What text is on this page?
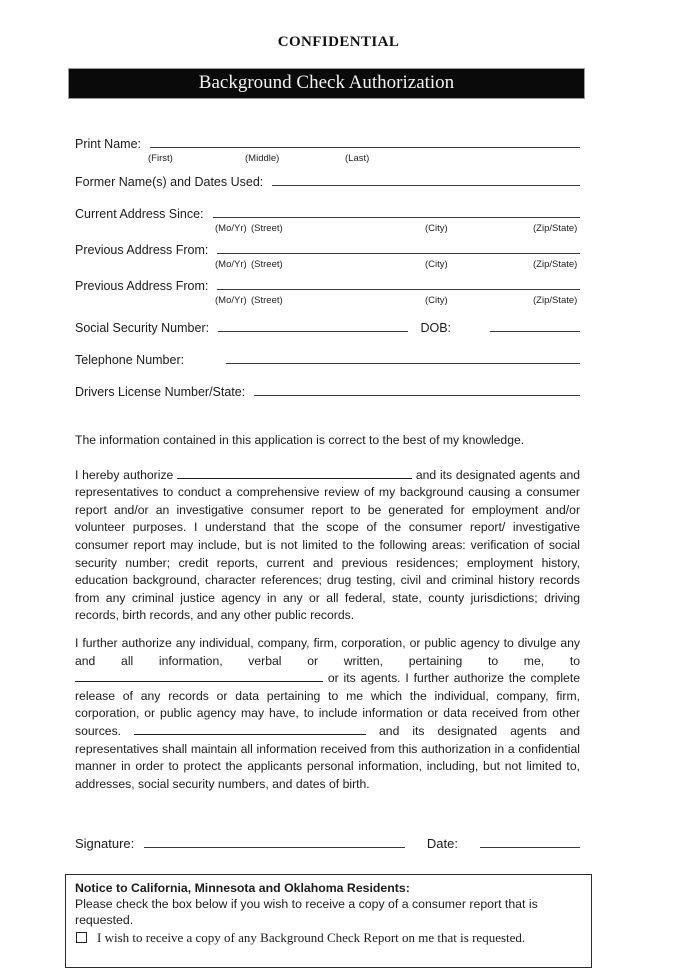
CONFIDENTIAL
Background Check Authorization
Print Name:
(First)	(Middle)	(Last)
Former Name(s) and Dates Used:
Current Address Since:
(Mo/Yr) (Street)	(City)	(Zip/State)
Previous Address From:
(Mo/Yr) (Street)	(City)	(Zip/State)
Previous Address From:
(Mo/Yr) (Street)	(City)	(Zip/State)
Social Security Number:	DOB:
Telephone Number:
Drivers License Number/State:

The information contained in this application is correct to the best of my knowledge.

I hereby authorize	and its designated agents and representatives to conduct a comprehensive review of my background causing a consumer report and/or an investigative consumer report to be generated for employment and/or volunteer purposes. I understand that the scope of the consumer report/ investigative consumer report may include, but is not limited to the following areas: verification of social security number; credit reports, current and previous residences; employment history, education background, character references; drug testing, civil and criminal history records from any criminal justice agency in any or all federal, state, county jurisdictions; driving records, birth records, and any other public records.

I further authorize any individual, company, firm, corporation, or public agency to divulge any and all information, verbal or written, pertaining to me, to  or its agents. I further authorize the complete release of any records or data pertaining to me which the individual, company, firm, corporation, or public agency may have, to include information or data received from other sources.	and its designated agents and representatives shall maintain all information received from this authorization in a confidential manner in order to protect the applicants personal information, including, but not limited to, addresses, social security numbers, and dates of birth.

Signature:	Date:
Notice to California, Minnesota and Oklahoma Residents:
Please check the box below if you wish to receive a copy of a consumer report that is requested.
I wish to receive a copy of any Background Check Report on me that is requested.
